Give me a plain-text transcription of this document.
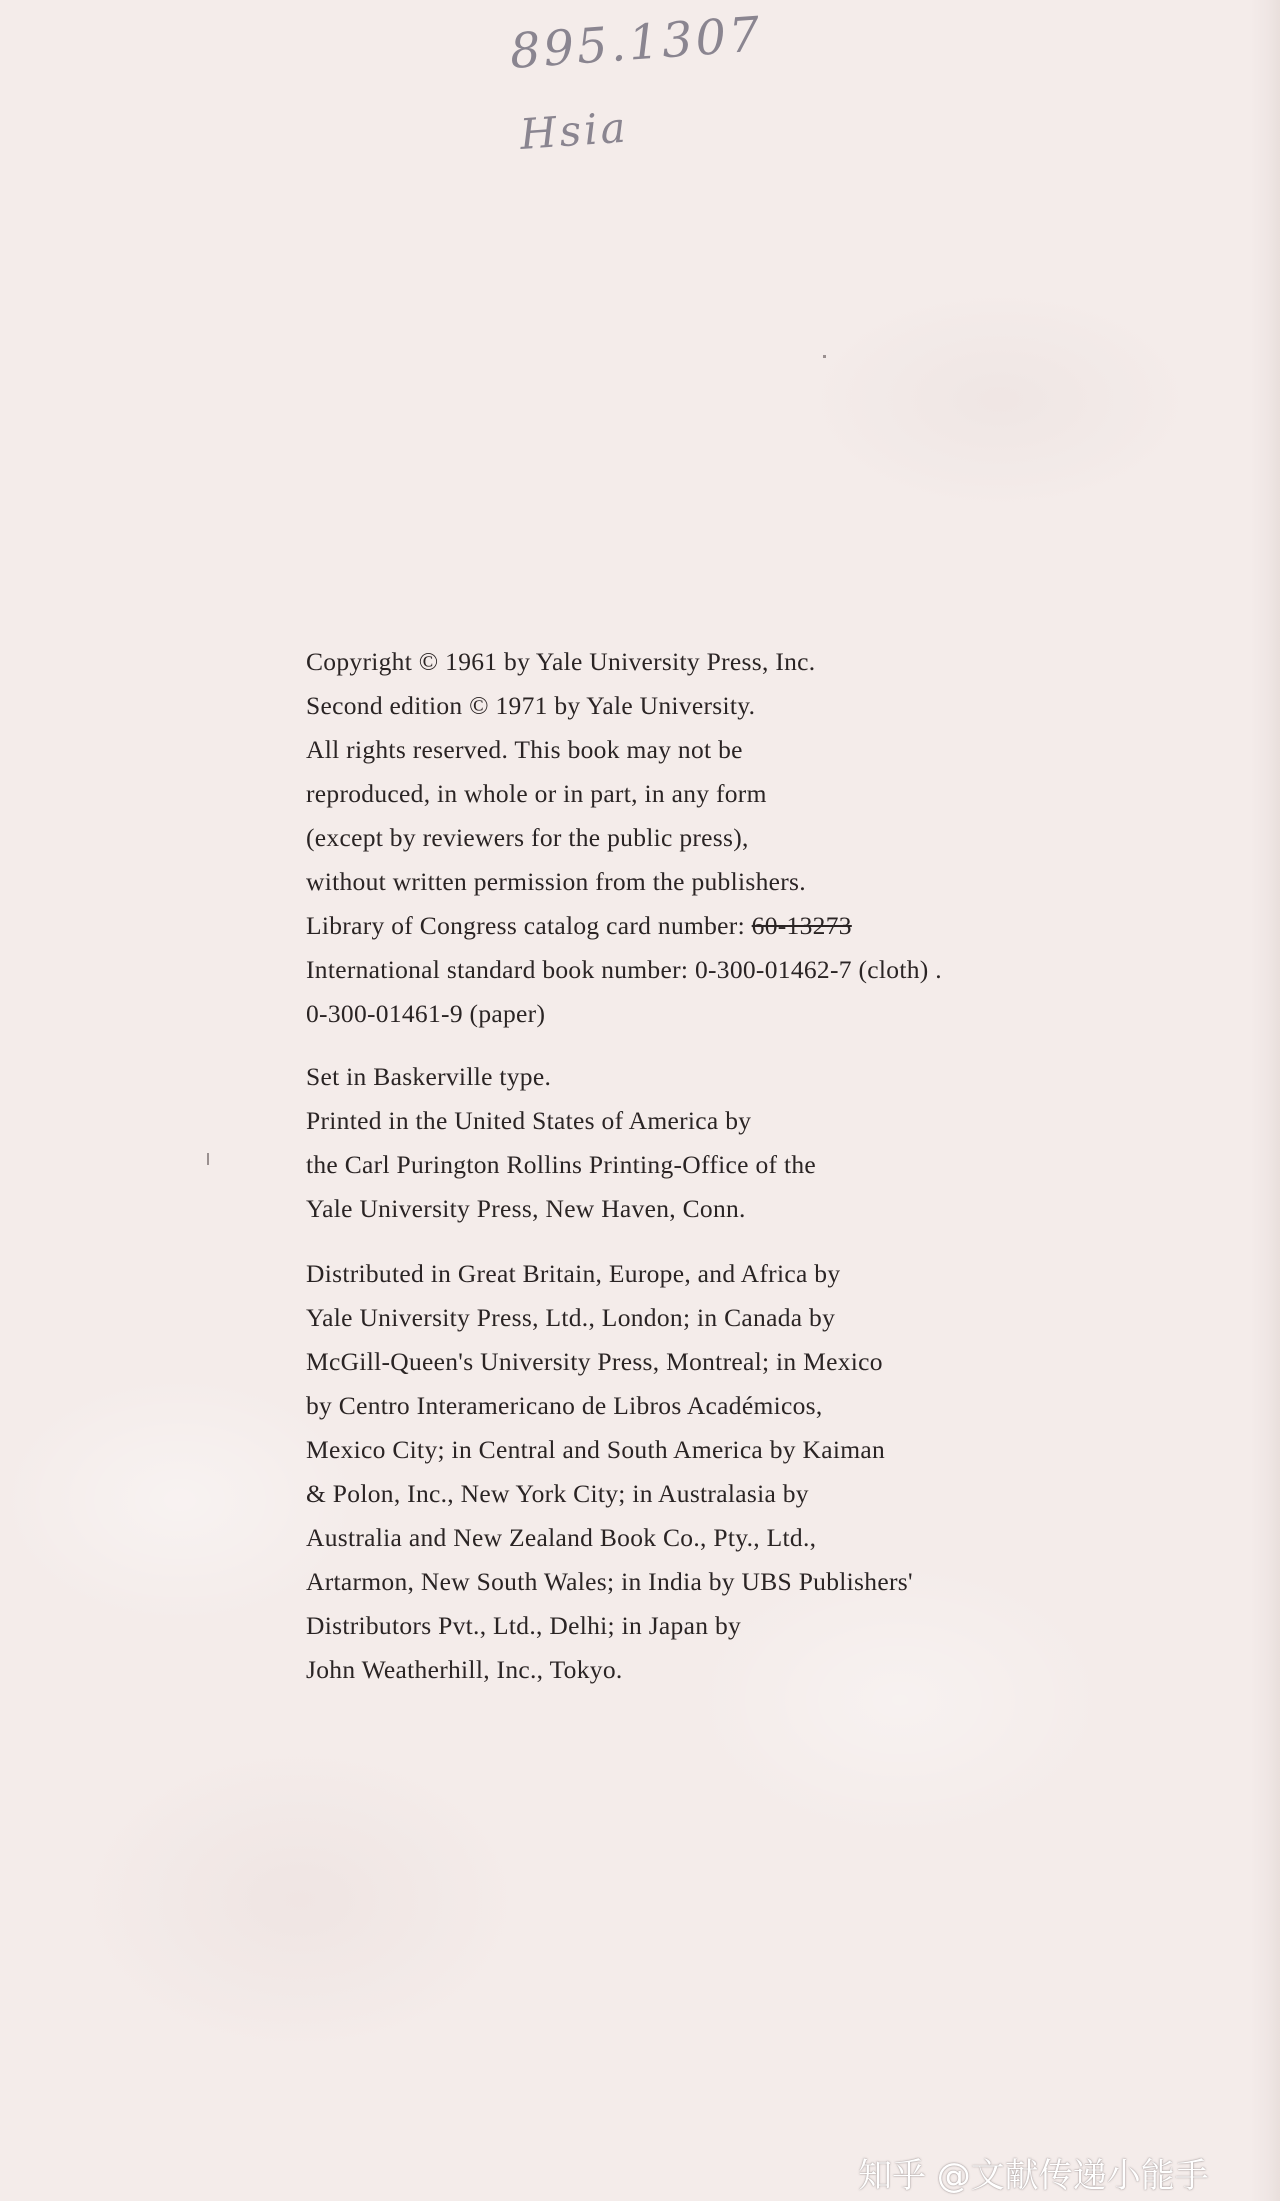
895.1307
Hsia
Copyright © 1961 by Yale University Press, Inc.
Second edition © 1971 by Yale University.
All rights reserved. This book may not be
reproduced, in whole or in part, in any form
(except by reviewers for the public press),
without written permission from the publishers.
Library of Congress catalog card number: 60-13273
International standard book number: 0-300-01462-7 (cloth) .
0-300-01461-9 (paper)
Set in Baskerville type.
Printed in the United States of America by
the Carl Purington Rollins Printing-Office of the
Yale University Press, New Haven, Conn.
Distributed in Great Britain, Europe, and Africa by
Yale University Press, Ltd., London; in Canada by
McGill-Queen's University Press, Montreal; in Mexico
by Centro Interamericano de Libros Académicos,
Mexico City; in Central and South America by Kaiman
& Polon, Inc., New York City; in Australasia by
Australia and New Zealand Book Co., Pty., Ltd.,
Artarmon, New South Wales; in India by UBS Publishers'
Distributors Pvt., Ltd., Delhi; in Japan by
John Weatherhill, Inc., Tokyo.
知乎 @文献传递小能手
